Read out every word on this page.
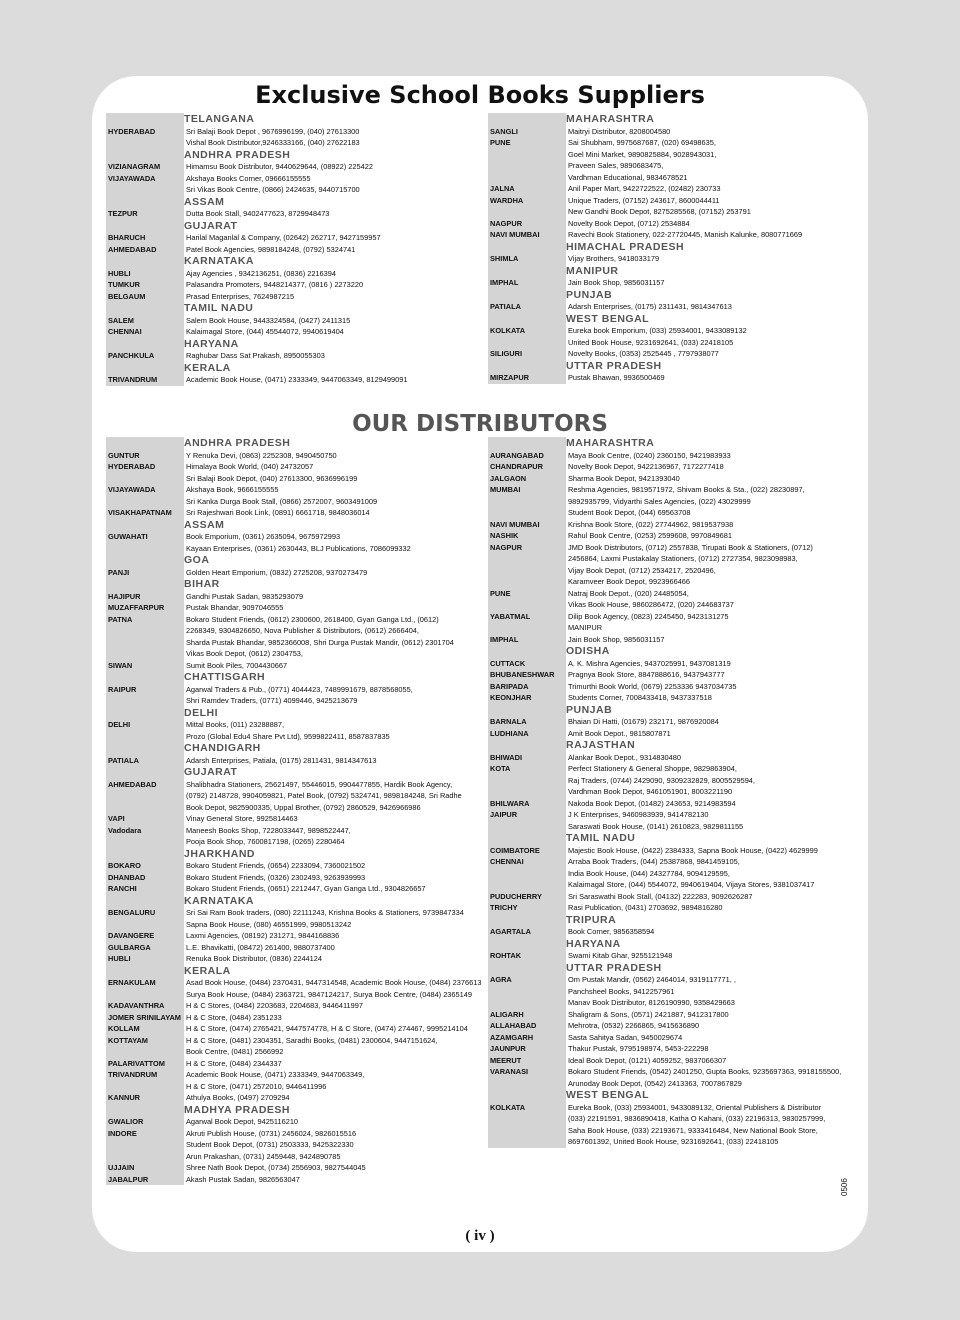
Exclusive School Books Suppliers
TELANGANA
HYDERABAD	Sri Balaji Book Depot , 9676996199, (040) 27613300
Vishal Book Distributor,9246333166, (040) 27622183
ANDHRA PRADESH
VIZIANAGRAM	Himamsu Book Distributor, 9440629644, (08922) 225422
VIJAYAWADA	Akshaya Books Corner, 09666155555
Sri Vikas Book Centre, (0866) 2424635, 9440715700
ASSAM
TEZPUR	Dutta Book Stall, 9402477623, 8729948473
GUJARAT
BHARUCH	Harilal Maganlal & Company, (02642) 262717, 9427159957
AHMEDABAD	Patel Book Agencies, 9898184248, (0792) 5324741
KARNATAKA
HUBLI	Ajay Agencies , 9342136251, (0836) 2216394
TUMKUR	Palasandra Promoters, 9448214377, (0816 ) 2273220
BELGAUM	Prasad Enterprises, 7624987215
TAMIL NADU
SALEM	Salem Book House, 9443324584, (0427) 2411315
CHENNAI	Kalaimagal Store, (044) 45544072, 9940619404
HARYANA
PANCHKULA	Raghubar Dass Sat Prakash, 8950055303
KERALA
TRIVANDRUM	Academic Book House, (0471) 2333349, 9447063349, 8129499091
MAHARASHTRA
SANGLI	Maitryi Distributor, 8208004580
PUNE	Sai Shubham, 9975687687, (020) 69498635,
Goel Mini Market, 9890825884, 9028943031,
Praveen Sales, 9890683475,
Vardhman Educational, 9834678521
JALNA	Anil Paper Mart, 9422722522, (02482) 230733
WARDHA	Unique Traders, (07152) 243617, 8600044411
New Gandhi Book Depot, 8275285568, (07152) 253791
NAGPUR	Novelty Book Depot, (0712) 2534884
NAVI MUMBAI	Ravechi Book Stationery, 022-27720445, Manish Kalunke, 8080771669
HIMACHAL PRADESH
SHIMLA	Vijay Brothers, 9418033179
MANIPUR
IMPHAL	Jain Book Shop, 9856031157
PUNJAB
PATIALA	Adarsh Enterprises, (0175) 2311431, 9814347613
WEST BENGAL
KOLKATA	Eureka book Emporium, (033) 25934001, 9433089132
United Book House, 9231692641, (033) 22418105
SILIGURI	Novelty Books, (0353) 2525445 , 7797938077
UTTAR PRADESH
MIRZAPUR	Pustak Bhawan, 9936500469
OUR DISTRIBUTORS
ANDHRA PRADESH
GUNTUR	Y Renuka Devi, (0863) 2252308, 9490450750
HYDERABAD	Himalaya Book World, (040) 24732057
Sri Balaji Book Depot, (040) 27613300, 9636996199
VIJAYAWADA	Akshaya Book, 9666155555
Sri Kanka Durga Book Stall, (0866) 2572007, 9603491009
VISAKHAPATNAM	Sri Rajeshwari Book Link, (0891) 6661718, 9848036014
ASSAM
GUWAHATI	Book Emporium, (0361) 2635094, 9675972993
Kayaan Enterprises, (0361) 2630443, BLJ Publications, 7086099332
GOA
PANJI	Golden Heart Emporium, (0832) 2725208, 9370273479
BIHAR
HAJIPUR	Gandhi Pustak Sadan, 9835293079
MUZAFFARPUR	Pustak Bhandar, 9097046555
PATNA	Bokaro Student Friends, (0612) 2300600, 2618400, Gyan Ganga Ltd., (0612)
2268349, 9304826650, Nova Publisher & Distributors, (0612) 2666404,
Sharda Pustak Bhandar, 9852366008, Shri Durga Pustak Mandir, (0612) 2301704
Vikas Book Depot, (0612) 2304753,
SIWAN	Sumit Book Piles, 7004430667
CHATTISGARH
RAIPUR	Agarwal Traders & Pub., (0771) 4044423, 7489991679, 8878568055,
Shri Ramdev Traders, (0771) 4099446, 9425213679
DELHI
DELHI	Mittal Books, (011) 23288887,
Prozo (Global Edu4 Share Pvt Ltd), 9599822411, 8587837835
CHANDIGARH
PATIALA	Adarsh Enterprises, Patiala, (0175) 2811431, 9814347613
GUJARAT
AHMEDABAD	Shalibhadra Stationers, 25621497, 55446015, 9904477855, Hardik Book Agency,
(0792) 2148728, 9904059821, Patel Book, (0792) 5324741, 9898184248, Sri Radhe
Book Depot, 9825900335, Uppal Brother, (0792) 2860529, 9426966986
VAPI	Vinay General Store, 9925814463
Vadodara	Maneesh Books Shop, 7228033447, 9898522447,
Pooja Book Shop, 7600817198, (0265) 2280464
JHARKHAND
BOKARO	Bokaro Student Friends, (0654) 2233094, 7360021502
DHANBAD	Bokaro Student Friends, (0326) 2302493, 9263939993
RANCHI	Bokaro Student Friends, (0651) 2212447, Gyan Ganga Ltd., 9304826657
KARNATAKA
BENGALURU	Sri Sai Ram Book traders, (080) 22111243, Krishna Books & Stationers, 9739847334
Sapna Book House, (080) 46551999, 9980513242
DAVANGERE	Laxmi Agencies, (08192) 231271, 9844168836
GULBARGA	L.E. Bhavikatti, (08472) 261400, 9880737400
HUBLI	Renuka Book Distributor, (0836) 2244124
KERALA
ERNAKULAM	Asad Book House, (0484) 2370431, 9447314548, Academic Book House, (0484) 2376613
Surya Book House, (0484) 2363721, 9847124217, Surya Book Centre, (0484) 2365149
KADAVANTHRA	H & C Stores, (0484) 2203683, 2204683, 9446411997
JOMER SRINILAYAM H & C Store, (0484) 2351233
KOLLAM	H & C Store, (0474) 2765421, 9447574778, H & C Store, (0474) 274467, 9995214104
KOTTAYAM	H & C Store, (0481) 2304351, Saradhi Books, (0481) 2300604, 9447151624,
Book Centre, (0481) 2566992
PALARIVATTOM	H & C Store, (0484) 2344337
TRIVANDRUM	Academic Book House, (0471) 2333349, 9447063349,
H & C Store, (0471) 2572010, 9446411996
KANNUR	Athulya Books, (0497) 2709294
MADHYA PRADESH
GWALIOR	Agarwal Book Depot, 9425116210
INDORE	Akruti Publish House, (0731) 2456024, 9826015516
Student Book Depot, (0731) 2503333, 9425322330
Arun Prakashan, (0731) 2459448, 9424890785
UJJAIN	Shree Nath Book Depot, (0734) 2556903, 9827544045
JABALPUR	Akash Pustak Sadan, 9826563047
MAHARASHTRA
AURANGABAD	Maya Book Centre, (0240) 2360150, 9421983933
CHANDRAPUR	Novelty Book Depot, 9422136967, 7172277418
JALGAON	Sharma Book Depot, 9421393040
MUMBAI	Reshma Agencies, 9819571972, Shivam Books & Sta., (022) 28230897,
9892935799, Vidyarthi Sales Agencies, (022) 43029999
Student Book Depot, (044) 69563708
NAVI MUMBAI	Krishna Book Store, (022) 27744962, 9819537938
NASHIK	Rahul Book Centre, (0253) 2599608, 9970849681
NAGPUR	JMD Book Distributors, (0712) 2557838, Tirupati Book & Stationers, (0712)
2456864, Laxmi Pustakalay Stationers, (0712) 2727354, 9823098983,
Vijay Book Depot, (0712) 2534217, 2520496,
Karamveer Book Depot, 9923966466
PUNE	Natraj Book Depot., (020) 24485054,
Vikas Book House, 9860286472, (020) 244683737
YABATMAL	Dilip Book Agency, (0823) 2245450, 9423131275
MANIPUR
IMPHAL	Jain Book Shop, 9856031157
ODISHA
CUTTACK	A. K. Mishra Agencies, 9437025991, 9437081319
BHUBANESHWAR	Pragnya Book Store, 8847888616, 9437943777
BARIPADA	Trimurthi Book World, (0679) 2253336 9437034735
KEONJHAR	Students Corner, 7008433418, 9437337518
PUNJAB
BARNALA	Bhaian Di Hatti, (01679) 232171, 9876920084
LUDHIANA	Amit Book Depot., 9815807871
RAJASTHAN
BHIWADI	Alankar Book Depot., 9314830480
KOTA	Perfect Stationery & General Shoppe, 9829863904,
Raj Traders, (0744) 2429090, 9309232829, 8005529594,
Vardhman Book Depot, 9461051901, 8003221190
BHILWARA	Nakoda Book Depot, (01482) 243653, 9214983594
JAIPUR	J K Enterprises, 9460983939, 9414782130
Saraswati Book House, (0141) 2610823, 9829811155
TAMIL NADU
COIMBATORE	Majestic Book House, (0422) 2384333, Sapna Book House, (0422) 4629999
CHENNAI	Arraba Book Traders, (044) 25387868, 9841459105,
India Book House, (044) 24327784, 9094129595,
Kalaimagal Store, (044) 5544072, 9940619404, Vijaya Stores, 9381037417
PUDUCHERRY	Sri Saraswathi Book Stall, (04132) 222283, 9092626287
TRICHY	Rasi Publication, (0431) 2703692, 9894816280
TRIPURA
AGARTALA	Book Corner, 9856358594
HARYANA
ROHTAK	Swami Kitab Ghar, 9255121948
UTTAR PRADESH
AGRA	Om Pustak Mandir, (0562) 2464014, 9319117771, ,
Panchsheel Books, 9412257961
Manav Book Distributor, 8126190990, 9358429663
ALIGARH	Shaligram & Sons, (0571) 2421887, 9412317800
ALLAHABAD	Mehrotra, (0532) 2266865, 9415636890
AZAMGARH	Sasta Sahitya Sadan, 9450029674
JAUNPUR	Thakur Pustak, 9795198974, 5453-222298
MEERUT	Ideal Book Depot, (0121) 4059252, 9837066307
VARANASI	Bokaro Student Friends, (0542) 2401250, Gupta Books, 9235697363, 9918155500,
Arunoday Book Depot, (0542) 2413363, 7007867829
WEST BENGAL
KOLKATA	Eureka Book, (033) 25934001, 9433089132, Oriental Publishers & Distributor
(033) 22191591, 9836890418, Katha O Kahani, (033) 22196313, 9830257999,
Saha Book House, (033) 22193671, 9333416484, New National Book Store,
8697601392, United Book House, 9231692641, (033) 22418105
( iv )
0506
